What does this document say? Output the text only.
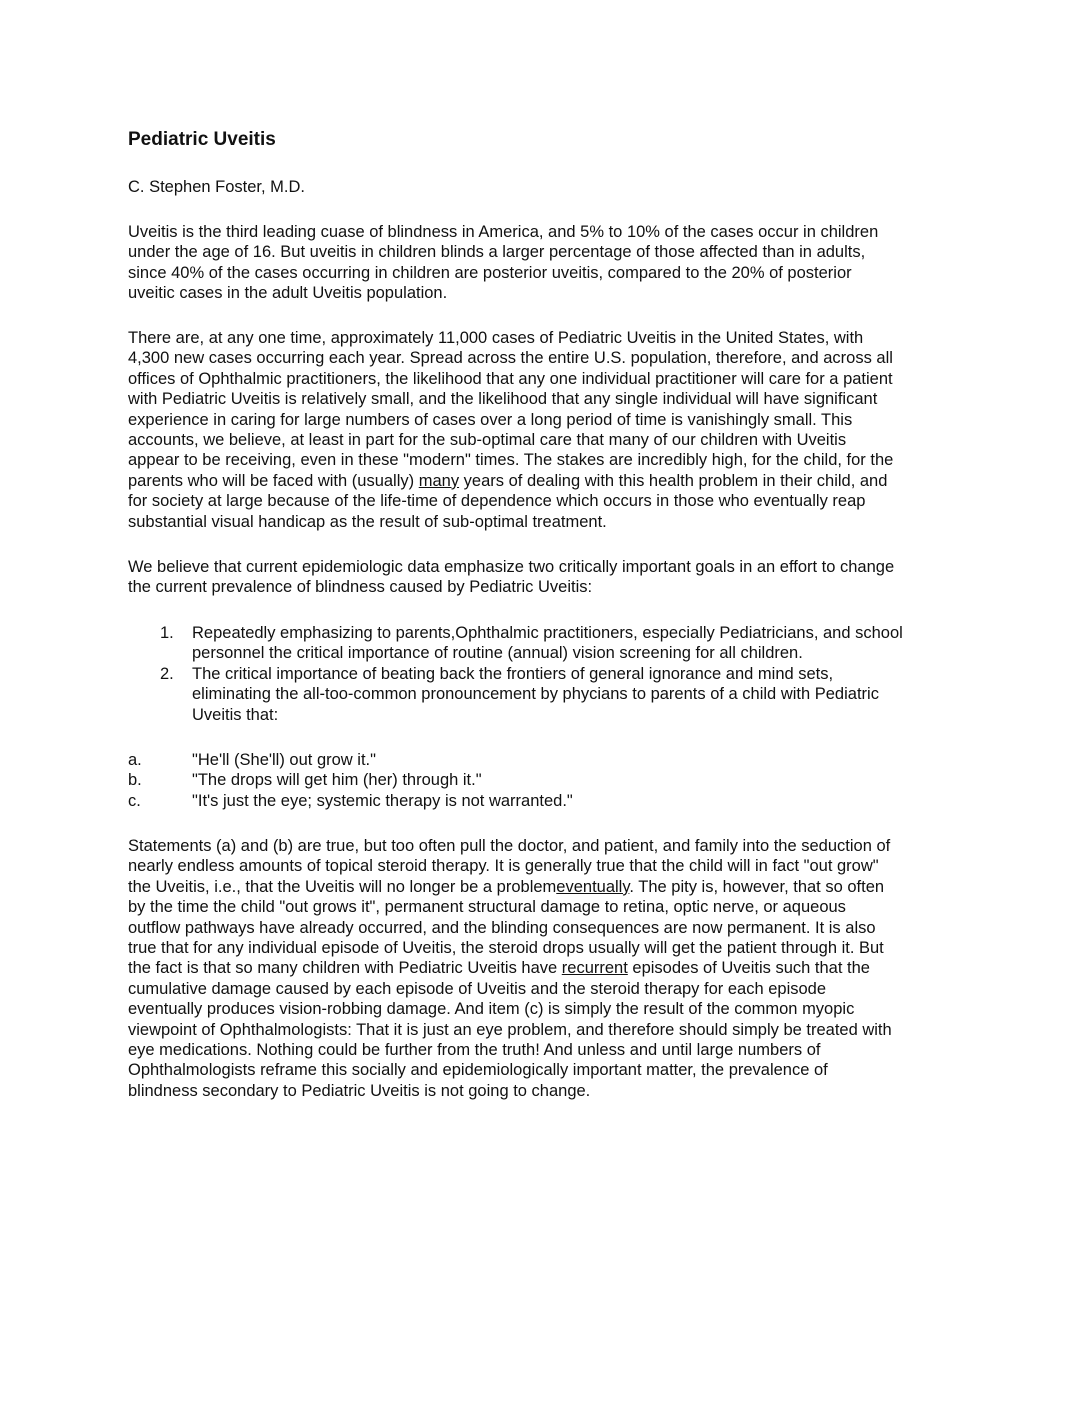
Pediatric Uveitis

C. Stephen Foster, M.D.

Uveitis is the third leading cuase of blindness in America, and 5% to 10% of the cases occur in children
under the age of 16. But uveitis in children blinds a larger percentage of those affected than in adults,
since 40% of the cases occurring in children are posterior uveitis, compared to the 20% of posterior
uveitic cases in the adult Uveitis population.

There are, at any one time, approximately 11,000 cases of Pediatric Uveitis in the United States, with
4,300 new cases occurring each year. Spread across the entire U.S. population, therefore, and across all
offices of Ophthalmic practitioners, the likelihood that any one individual practitioner will care for a patient
with Pediatric Uveitis is relatively small, and the likelihood that any single individual will have significant
experience in caring for large numbers of cases over a long period of time is vanishingly small. This
accounts, we believe, at least in part for the sub-optimal care that many of our children with Uveitis
appear to be receiving, even in these "modern" times. The stakes are incredibly high, for the child, for the
parents who will be faced with (usually) many years of dealing with this health problem in their child, and
for society at large because of the life-time of dependence which occurs in those who eventually reap
substantial visual handicap as the result of sub-optimal treatment.

We believe that current epidemiologic data emphasize two critically important goals in an effort to change
the current prevalence of blindness caused by Pediatric Uveitis:

1. Repeatedly emphasizing to parents,Ophthalmic practitioners, especially Pediatricians, and school
personnel the critical importance of routine (annual) vision screening for all children.
2. The critical importance of beating back the frontiers of general ignorance and mind sets,
eliminating the all-too-common pronouncement by phycians to parents of a child with Pediatric
Uveitis that:
a.	"He'll (She'll) out grow it."
b.	"The drops will get him (her) through it."
c.	"It's just the eye; systemic therapy is not warranted."

Statements (a) and (b) are true, but too often pull the doctor, and patient, and family into the seduction of
nearly endless amounts of topical steroid therapy. It is generally true that the child will in fact "out grow"
the Uveitis, i.e., that the Uveitis will no longer be a problemeventually. The pity is, however, that so often
by the time the child "out grows it", permanent structural damage to retina, optic nerve, or aqueous
outflow pathways have already occurred, and the blinding consequences are now permanent. It is also
true that for any individual episode of Uveitis, the steroid drops usually will get the patient through it. But
the fact is that so many children with Pediatric Uveitis have recurrent episodes of Uveitis such that the
cumulative damage caused by each episode of Uveitis and the steroid therapy for each episode
eventually produces vision-robbing damage. And item (c) is simply the result of the common myopic
viewpoint of Ophthalmologists: That it is just an eye problem, and therefore should simply be treated with
eye medications. Nothing could be further from the truth! And unless and until large numbers of
Ophthalmologists reframe this socially and epidemiologically important matter, the prevalence of
blindness secondary to Pediatric Uveitis is not going to change.
